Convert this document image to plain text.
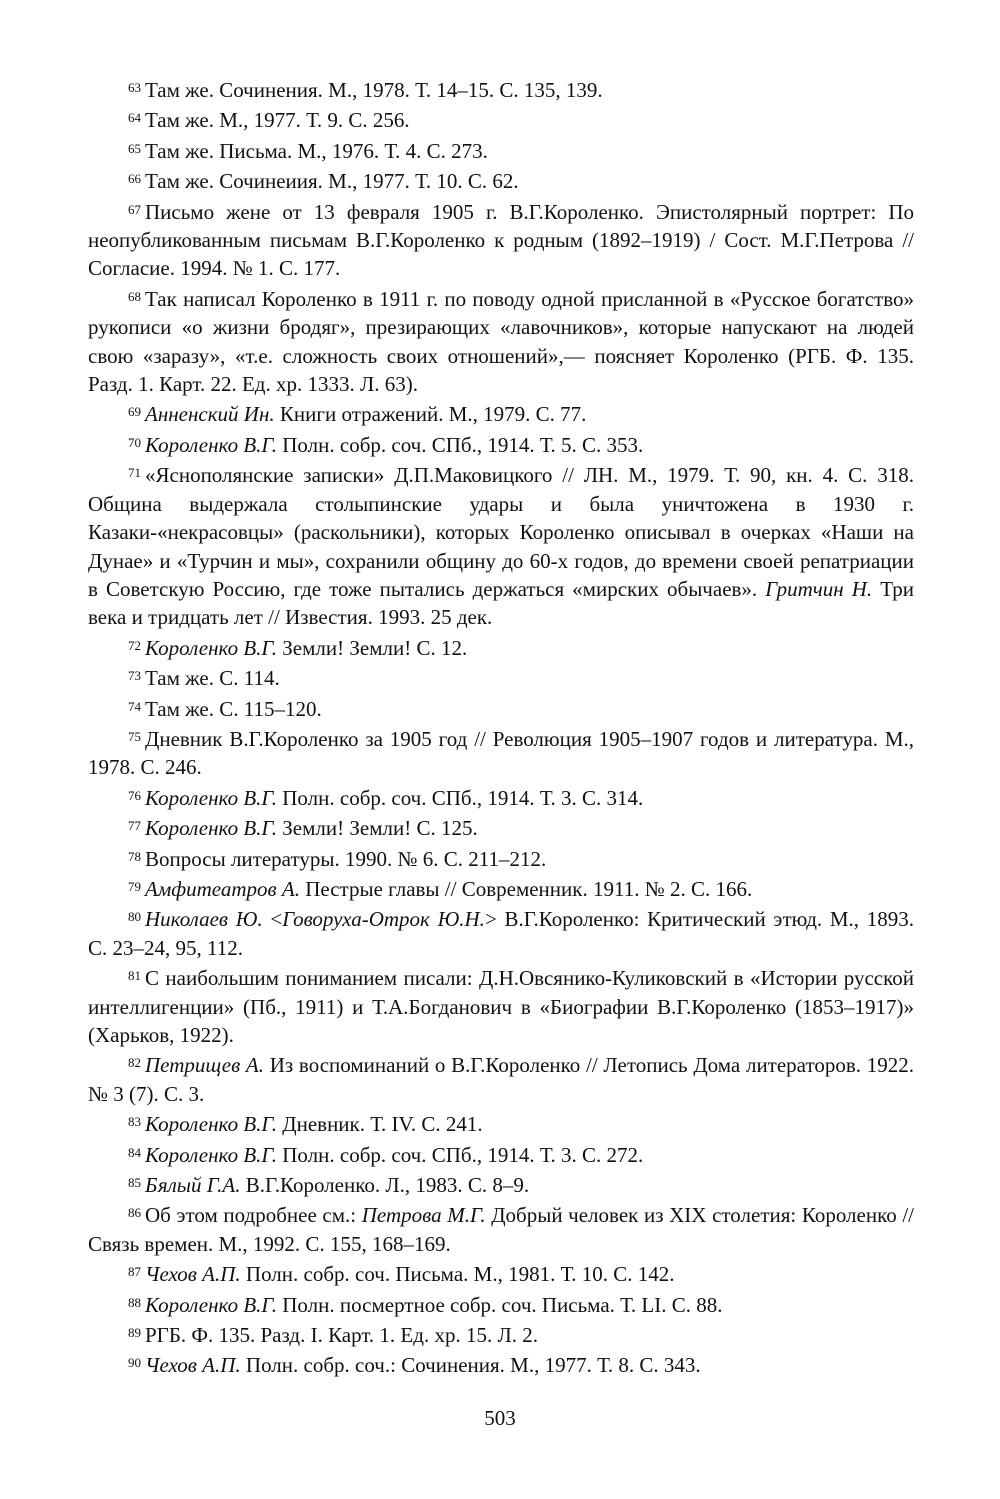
$^{63}$ Там же. Сочинения. М., 1978. Т. 14–15. С. 135, 139.

$^{64}$ Там же. М., 1977. Т. 9. С. 256.

$^{65}$ Там же. Письма. М., 1976. Т. 4. С. 273.

$^{66}$ Там же. Сочинеиия. М., 1977. Т. 10. С. 62.

$^{67}$ Письмо жене от 13 февраля 1905 г. В.Г.Короленко. Эпистолярный портрет: По неопубликованным письмам В.Г.Короленко к родным (1892–1919) / Сост. М.Г.Петрова // Согласие. 1994. № 1. С. 177.

$^{68}$ Так написал Короленко в 1911 г. по поводу одной присланной в «Русское богатство» рукописи «о жизни бродяг», презирающих «лавочников», которые напускают на людей свою «заразу», «т.е. сложность своих отношений»,— поясняет Короленко (РГБ. Ф. 135. Разд. 1. Карт. 22. Ед. хр. 1333. Л. 63).

$^{69}$ Анненский Ин. Книги отражений. М., 1979. С. 77.

$^{70}$ Короленко В.Г. Полн. собр. соч. СПб., 1914. Т. 5. С. 353.

$^{71}$ «Яснополянские записки» Д.П.Маковицкого // ЛН. М., 1979. Т. 90, кн. 4. С. 318. Община выдержала столыпинские удары и была уничтожена в 1930 г. Казаки-«некрасовцы» (раскольники), которых Короленко описывал в очерках «Наши на Дунае» и «Турчин и мы», сохранили общину до 60-х годов, до времени своей репатриации в Советскую Россию, где тоже пытались держаться «мирских обычаев». Гритчин Н. Три века и тридцать лет // Известия. 1993. 25 дек.

$^{72}$ Короленко В.Г. Земли! Земли! С. 12.

$^{73}$ Там же. С. 114.

$^{74}$ Там же. С. 115–120.

$^{75}$ Дневник В.Г.Короленко за 1905 год // Революция 1905–1907 годов и литература. М., 1978. С. 246.

$^{76}$ Короленко В.Г. Полн. собр. соч. СПб., 1914. Т. 3. С. 314.

$^{77}$ Короленко В.Г. Земли! Земли! С. 125.

$^{78}$ Вопросы литературы. 1990. № 6. С. 211–212.

$^{79}$ Амфитеатров А. Пестрые главы // Современник. 1911. № 2. С. 166.

$^{80}$ Николаев Ю. <Говоруха-Отрок Ю.Н.> В.Г.Короленко: Критический этюд. М., 1893. С. 23–24, 95, 112.

$^{81}$ С наибольшим пониманием писали: Д.Н.Овсянико-Куликовский в «Истории русской интеллигенции» (Пб., 1911) и Т.А.Богданович в «Биографии В.Г.Короленко (1853–1917)» (Харьков, 1922).

$^{82}$ Петрищев А. Из воспоминаний о В.Г.Короленко // Летопись Дома литераторов. 1922. № 3 (7). С. 3.

$^{83}$ Короленко В.Г. Дневник. Т. IV. С. 241.

$^{84}$ Короленко В.Г. Полн. собр. соч. СПб., 1914. Т. 3. С. 272.

$^{85}$ Бялый Г.А. В.Г.Короленко. Л., 1983. С. 8–9.

$^{86}$ Об этом подробнее см.: Петрова М.Г. Добрый человек из XIX столетия: Короленко // Связь времен. М., 1992. С. 155, 168–169.

$^{87}$ Чехов А.П. Полн. собр. соч. Письма. М., 1981. Т. 10. С. 142.

$^{88}$ Короленко В.Г. Полн. посмертное собр. соч. Письма. Т. LI. С. 88.

$^{89}$ РГБ. Ф. 135. Разд. I. Карт. 1. Ед. хр. 15. Л. 2.

$^{90}$ Чехов А.П. Полн. собр. соч.: Сочинения. М., 1977. Т. 8. С. 343.

503
